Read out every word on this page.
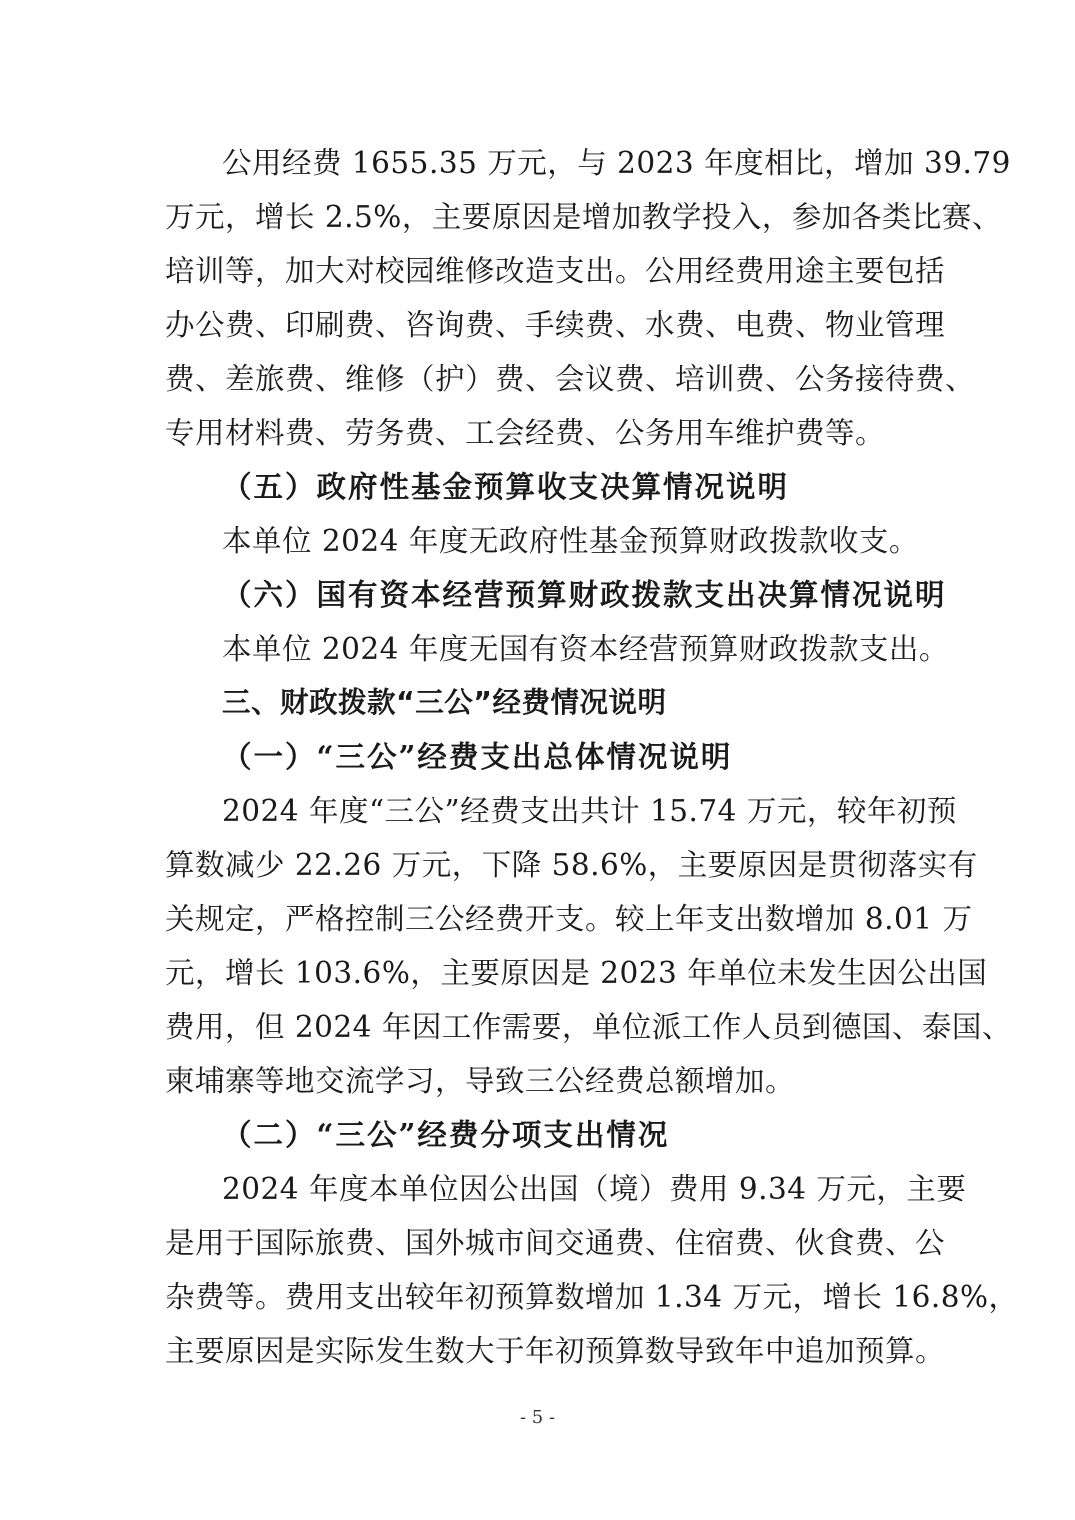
公用经费 1655.35 万元，与 2023 年度相比，增加 39.79
万元，增长 2.5%，主要原因是增加教学投入，参加各类比赛、
培训等，加大对校园维修改造支出。公用经费用途主要包括
办公费、印刷费、咨询费、手续费、水费、电费、物业管理
费、差旅费、维修（护）费、会议费、培训费、公务接待费、
专用材料费、劳务费、工会经费、公务用车维护费等。
（五）政府性基金预算收支决算情况说明
本单位 2024 年度无政府性基金预算财政拨款收支。
（六）国有资本经营预算财政拨款支出决算情况说明
本单位 2024 年度无国有资本经营预算财政拨款支出。
三、财政拨款“三公”经费情况说明
（一）“三公”经费支出总体情况说明
2024 年度“三公”经费支出共计 15.74 万元，较年初预
算数减少 22.26 万元，下降 58.6%，主要原因是贯彻落实有
关规定，严格控制三公经费开支。较上年支出数增加 8.01 万
元，增长 103.6%，主要原因是 2023 年单位未发生因公出国
费用，但 2024 年因工作需要，单位派工作人员到德国、泰国、
柬埔寨等地交流学习，导致三公经费总额增加。
（二）“三公”经费分项支出情况
2024 年度本单位因公出国（境）费用 9.34 万元，主要
是用于国际旅费、国外城市间交通费、住宿费、伙食费、公
杂费等。费用支出较年初预算数增加 1.34 万元，增长 16.8%，
主要原因是实际发生数大于年初预算数导致年中追加预算。
- 5 -
